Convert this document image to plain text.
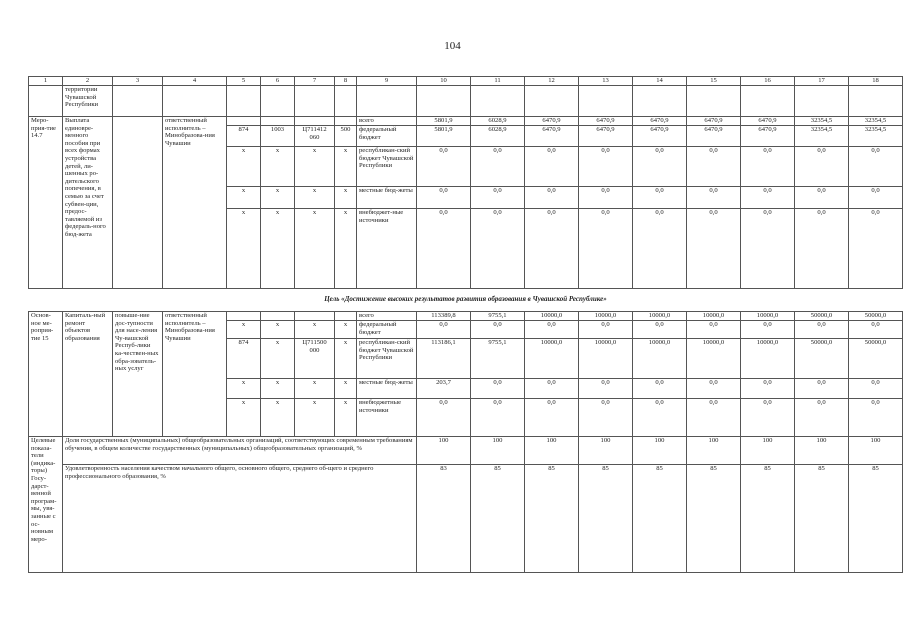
104
1	2	3	4	5	6	7	8	9	10	11	12	13	14	15	16	17	18
	территории Чувашской Республики																
Меро-прия-тие 14.7	Выплата единовре-менного пособия при всех формах устройства детей, ли-шенных ро-дительского попечения, в семью за счет субвен-ции, предос-тавляемой из федераль-ного бюд-жета		ответственный исполнитель – Минобразова-ния Чувашии					всего	5801,9	6028,9	6470,9	6470,9	6470,9	6470,9	6470,9	32354,5	32354,5
				874	1003	Ц711412 060	500	федеральный бюджет	5801,9	6028,9	6470,9	6470,9	6470,9	6470,9	6470,9	32354,5	32354,5
				x	x	x	x	республикан-ский бюджет Чувашской Республики	0,0	0,0	0,0	0,0	0,0	0,0	0,0	0,0	0,0
				x	x	x	x	местные бюд-жеты	0,0	0,0	0,0	0,0	0,0	0,0	0,0	0,0	0,0
				x	x	x	x	внебюджет-ные источники	0,0	0,0	0,0	0,0	0,0	0,0	0,0	0,0	0,0
Цель «Достижение высоких результатов развития образования в Чувашской Республике»																	
Основ-ное ме-роприя-тие 15	Капиталь-ный ремонт объектов образования	повыше-ние дос-тупности для насе-ления Чу-вашской Респуб-лики ка-чествен-ных обра-зователь-ных услуг	ответственный исполнитель – Минобразова-ния Чувашии					всего	113389,8	9755,1	10000,0	10000,0	10000,0	10000,0	10000,0	50000,0	50000,0
				x	x	x	x	федеральный бюджет	0,0	0,0	0,0	0,0	0,0	0,0	0,0	0,0	0,0
				874	x	Ц711500 000	x	республикан-ский бюджет Чувашской Республики	113186,1	9755,1	10000,0	10000,0	10000,0	10000,0	10000,0	50000,0	50000,0
				x	x	x	x	местные бюд-жеты	203,7	0,0	0,0	0,0	0,0	0,0	0,0	0,0	0,0
				x	x	x	x	внебюджетные источники	0,0	0,0	0,0	0,0	0,0	0,0	0,0	0,0	0,0
Целевые показа-тели (индика-торы) Госу-дарст-венной програм-мы, увя-занные с ос-новным меро-	Доля государственных (муниципальных) общеобразовательных организаций, соответствующих современным требованиям обучения, в общем количестве государственных (муниципальных) общеобразовательных организаций, %								100	100	100	100	100	100	100	100	100
	Удовлетворенность населения качеством начального общего, основного общего, среднего об-щего и среднего профессионального образования, %								83	85	85	85	85	85	85	85	85
